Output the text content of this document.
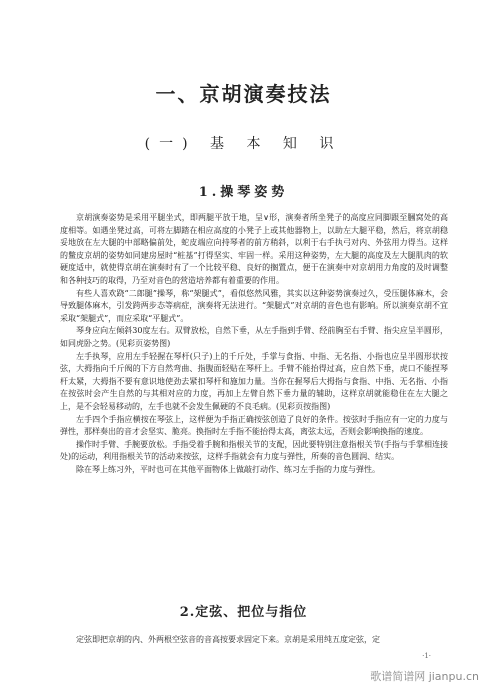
一、京胡演奏技法
(一) 基 本 知 识
1.操琴姿势

京胡演奏姿势是采用平腿坐式，即两腿平放于地，呈∨形，演奏者所坐凳子的高度应同脚跟至膕窝处的高度相等。如遇坐凳过高，可将左脚踏在相应高度的小凳子上或其他器物上，以助左大腿平稳，然后，将京胡稳妥地放在左大腿的中部略偏前处，蛇皮端应向持琴者的前方稍斜，以利于右手执弓对内、外弦用力得当。这样的鳖皮京胡的姿势如同建房屋时“桩基”打得坚实、牢固一样。采用这种姿势，左大腿的高度及左大腿肌肉的软硬度适中，就使得京胡在演奏时有了一个比较平稳、良好的搁置点，便于在演奏中对京胡用力角度的及时调整和各种技巧的取得，乃至对音色的营造培养都有着重要的作用。

有些人喜欢跷“二郎腿”操琴，称“架腿式”，看似悠然风雅，其实以这种姿势演奏过久，受压腿体麻木，会导致腿体麻木，引发跨两步态等病症，演奏将无法进行。“架腿式”对京胡的音色也有影响。所以演奏京胡不宜采取“架腿式”，而应采取“平腿式”。

琴身应向左倾斜30度左右。双臂放松，自然下垂，从左手指到手臂、经前胸至右手臂、指尖应呈半圆形，如同虎卧之势。(见彩页姿势图)

左手执琴，应用左手轻握在琴杆(只子)上的千斤处，手掌与食指、中指、无名指、小指也应呈半圆形状按弦，大拇指向千斤阀的下方自然弯曲、指腹面轻贴在琴杆上。手臂不能抬得过高，应自然下垂，虎口不能捏琴杆太紧，大拇指不要有意识地使劲去紧扣琴杆和施加力量。当你在握琴后大拇指与食指、中指、无名指、小指在按弦时会产生自然的与其相对应的力度，再加上左臂自然下垂力量的辅助，这样京胡就能稳住在左大腿之上，是不会轻易移动的，左手也就不会发生佩硬的不良毛病。(见彩页按指图)

左手四个手指应横按在琴弦上，这样便为手指正确按弦创造了良好的条件。按弦时手指应有一定的力度与弹性，那样奏出的音才会坚实、脆亮。换指时左手指不能抬得太高，离弦太远，否则会影响换指的速度。

操作时手臂、手腕要放松。手指受着手腕和指根关节的支配，因此要特别注意指根关节(手指与手掌相连接处)的运动，利用指根关节的活动来按弦，这样手指就会有力度与弹性，所奏的音色圆润、结实。

除在琴上练习外，平时也可在其他平面物体上做敲打动作、练习左手指的力度与弹性。

2.定弦、把位与指位
定弦即把京胡的内、外两根空弦音的音高按要求固定下来。京胡是采用纯五度定弦，定
·1·
歌谱简谱网 jianpu.cn
